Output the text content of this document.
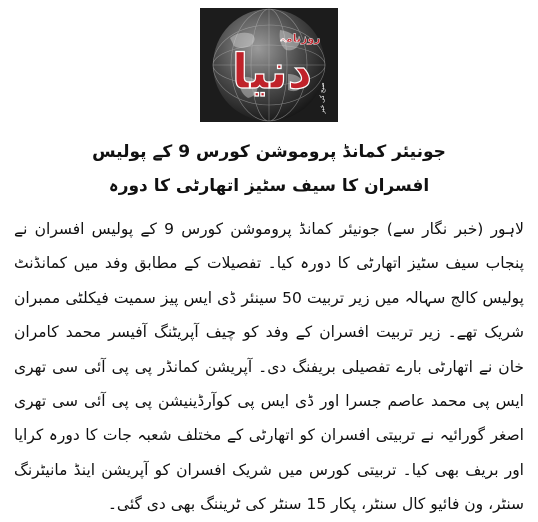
دنیا
روزنامہ
صبح کی خبر

جونیئر کمانڈ پروموشن کورس 9 کے پولیس

افسران کا سیف سٹیز اتھارٹی کا دورہ

لاہور (خبر نگار سے) جونیئر کمانڈ پروموشن کورس 9 کے پولیس افسران نے پنجاب سیف سٹیز اتھارٹی کا دورہ کیا۔ تفصیلات کے مطابق وفد میں کمانڈنٹ پولیس کالج سہالہ میں زیر تربیت 50 سینئر ڈی ایس پیز سمیت فیکلٹی ممبران شریک تھے۔ زیر تربیت افسران کے وفد کو چیف آپریٹنگ آفیسر محمد کامران خان نے اتھارٹی بارے تفصیلی بریفنگ دی۔ آپریشن کمانڈر پی پی آئی سی تھری ایس پی محمد عاصم جسرا اور ڈی ایس پی کوآرڈینیشن پی پی آئی سی تھری اصغر گورائیہ نے تربیتی افسران کو اتھارٹی کے مختلف شعبہ جات کا دورہ کرایا اور بریف بھی کیا۔ تربیتی کورس میں شریک افسران کو آپریشن اینڈ مانیٹرنگ سنٹر، ون فائیو کال سنٹر، پکار 15 سنٹر کی ٹریننگ بھی دی گئی۔
